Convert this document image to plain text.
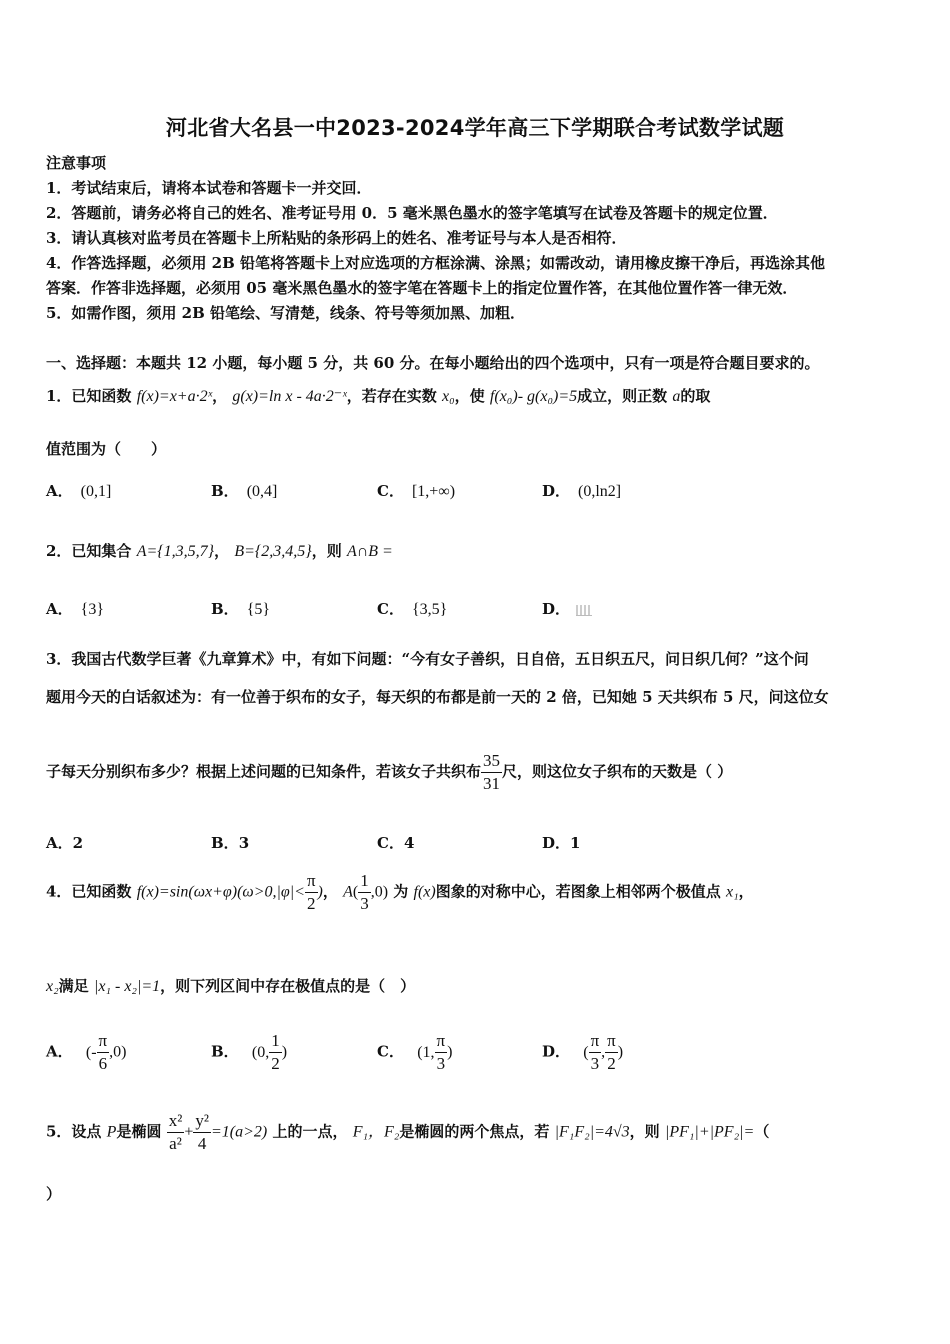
河北省大名县一中2023-2024学年高三下学期联合考试数学试题
注意事项
1．考试结束后，请将本试卷和答题卡一并交回．
2．答题前，请务必将自己的姓名、准考证号用 0．5 毫米黑色墨水的签字笔填写在试卷及答题卡的规定位置．
3．请认真核对监考员在答题卡上所粘贴的条形码上的姓名、准考证号与本人是否相符．
4．作答选择题，必须用 2B 铅笔将答题卡上对应选项的方框涂满、涂黑；如需改动，请用橡皮擦干净后，再选涂其他
答案．作答非选择题，必须用 05 毫米黑色墨水的签字笔在答题卡上的指定位置作答，在其他位置作答一律无效．
5．如需作图，须用 2B 铅笔绘、写清楚，线条、符号等须加黑、加粗．
一、选择题：本题共 12 小题，每小题 5 分，共 60 分。在每小题给出的四个选项中，只有一项是符合题目要求的。
1．已知函数 f(x)=x+a·2ˣ， g(x)=ln x - 4a·2⁻ˣ，若存在实数 x₀，使 f(x₀)- g(x₀)=5成立，则正数 a的取
值范围为（　　）
A． (0,1]	B． (0,4]	C． [1,+∞)	D． (0,ln2]
2．已知集合 A={1,3,5,7}， B={2,3,4,5}，则 A∩B =
A． {3}	B． {5}	C． {3,5}	D．
3．我国古代数学巨著《九章算术》中，有如下问题：“今有女子善织，日自倍，五日织五尺，问日织几何？”这个问
题用今天的白话叙述为：有一位善于织布的女子，每天织的布都是前一天的 2 倍，已知她 5 天共织布 5 尺，问这位女
子每天分别织布多少？根据上述问题的已知条件，若该女子共织布 $\frac{35}{31}$ 尺，则这位女子织布的天数是（ ）
A．2	B．3	C．4	D．1
4．已知函数 $f(x)=\sin(\omega x+\varphi)(\omega>0,|\varphi|< \frac{\pi}{2}$ )， $A( \frac{1}{3} ,0)$ 为 f(x)图象的对称中心，若图象上相邻两个极值点 x₁，
x₂满足 |x₁ - x₂|=1，则下列区间中存在极值点的是（　）
A． (- $\frac{\pi}{6} ,0$)	B． (0, $\frac{1}{2}$ )	C． (1, $\frac{\pi}{3}$ )	D． ( $\frac{\pi}{3}$ , $\frac{\pi}{2}$ )
5．设点 P是椭圆 $\frac{\text{x²}}{\text{a²}} + \frac{\text{y²}}{4} =1(a>2)$ 上的一点， F₁，F₂是椭圆的两个焦点，若 |F₁F₂|=4√3，则 |PF₁|+|PF₂|=（
）
